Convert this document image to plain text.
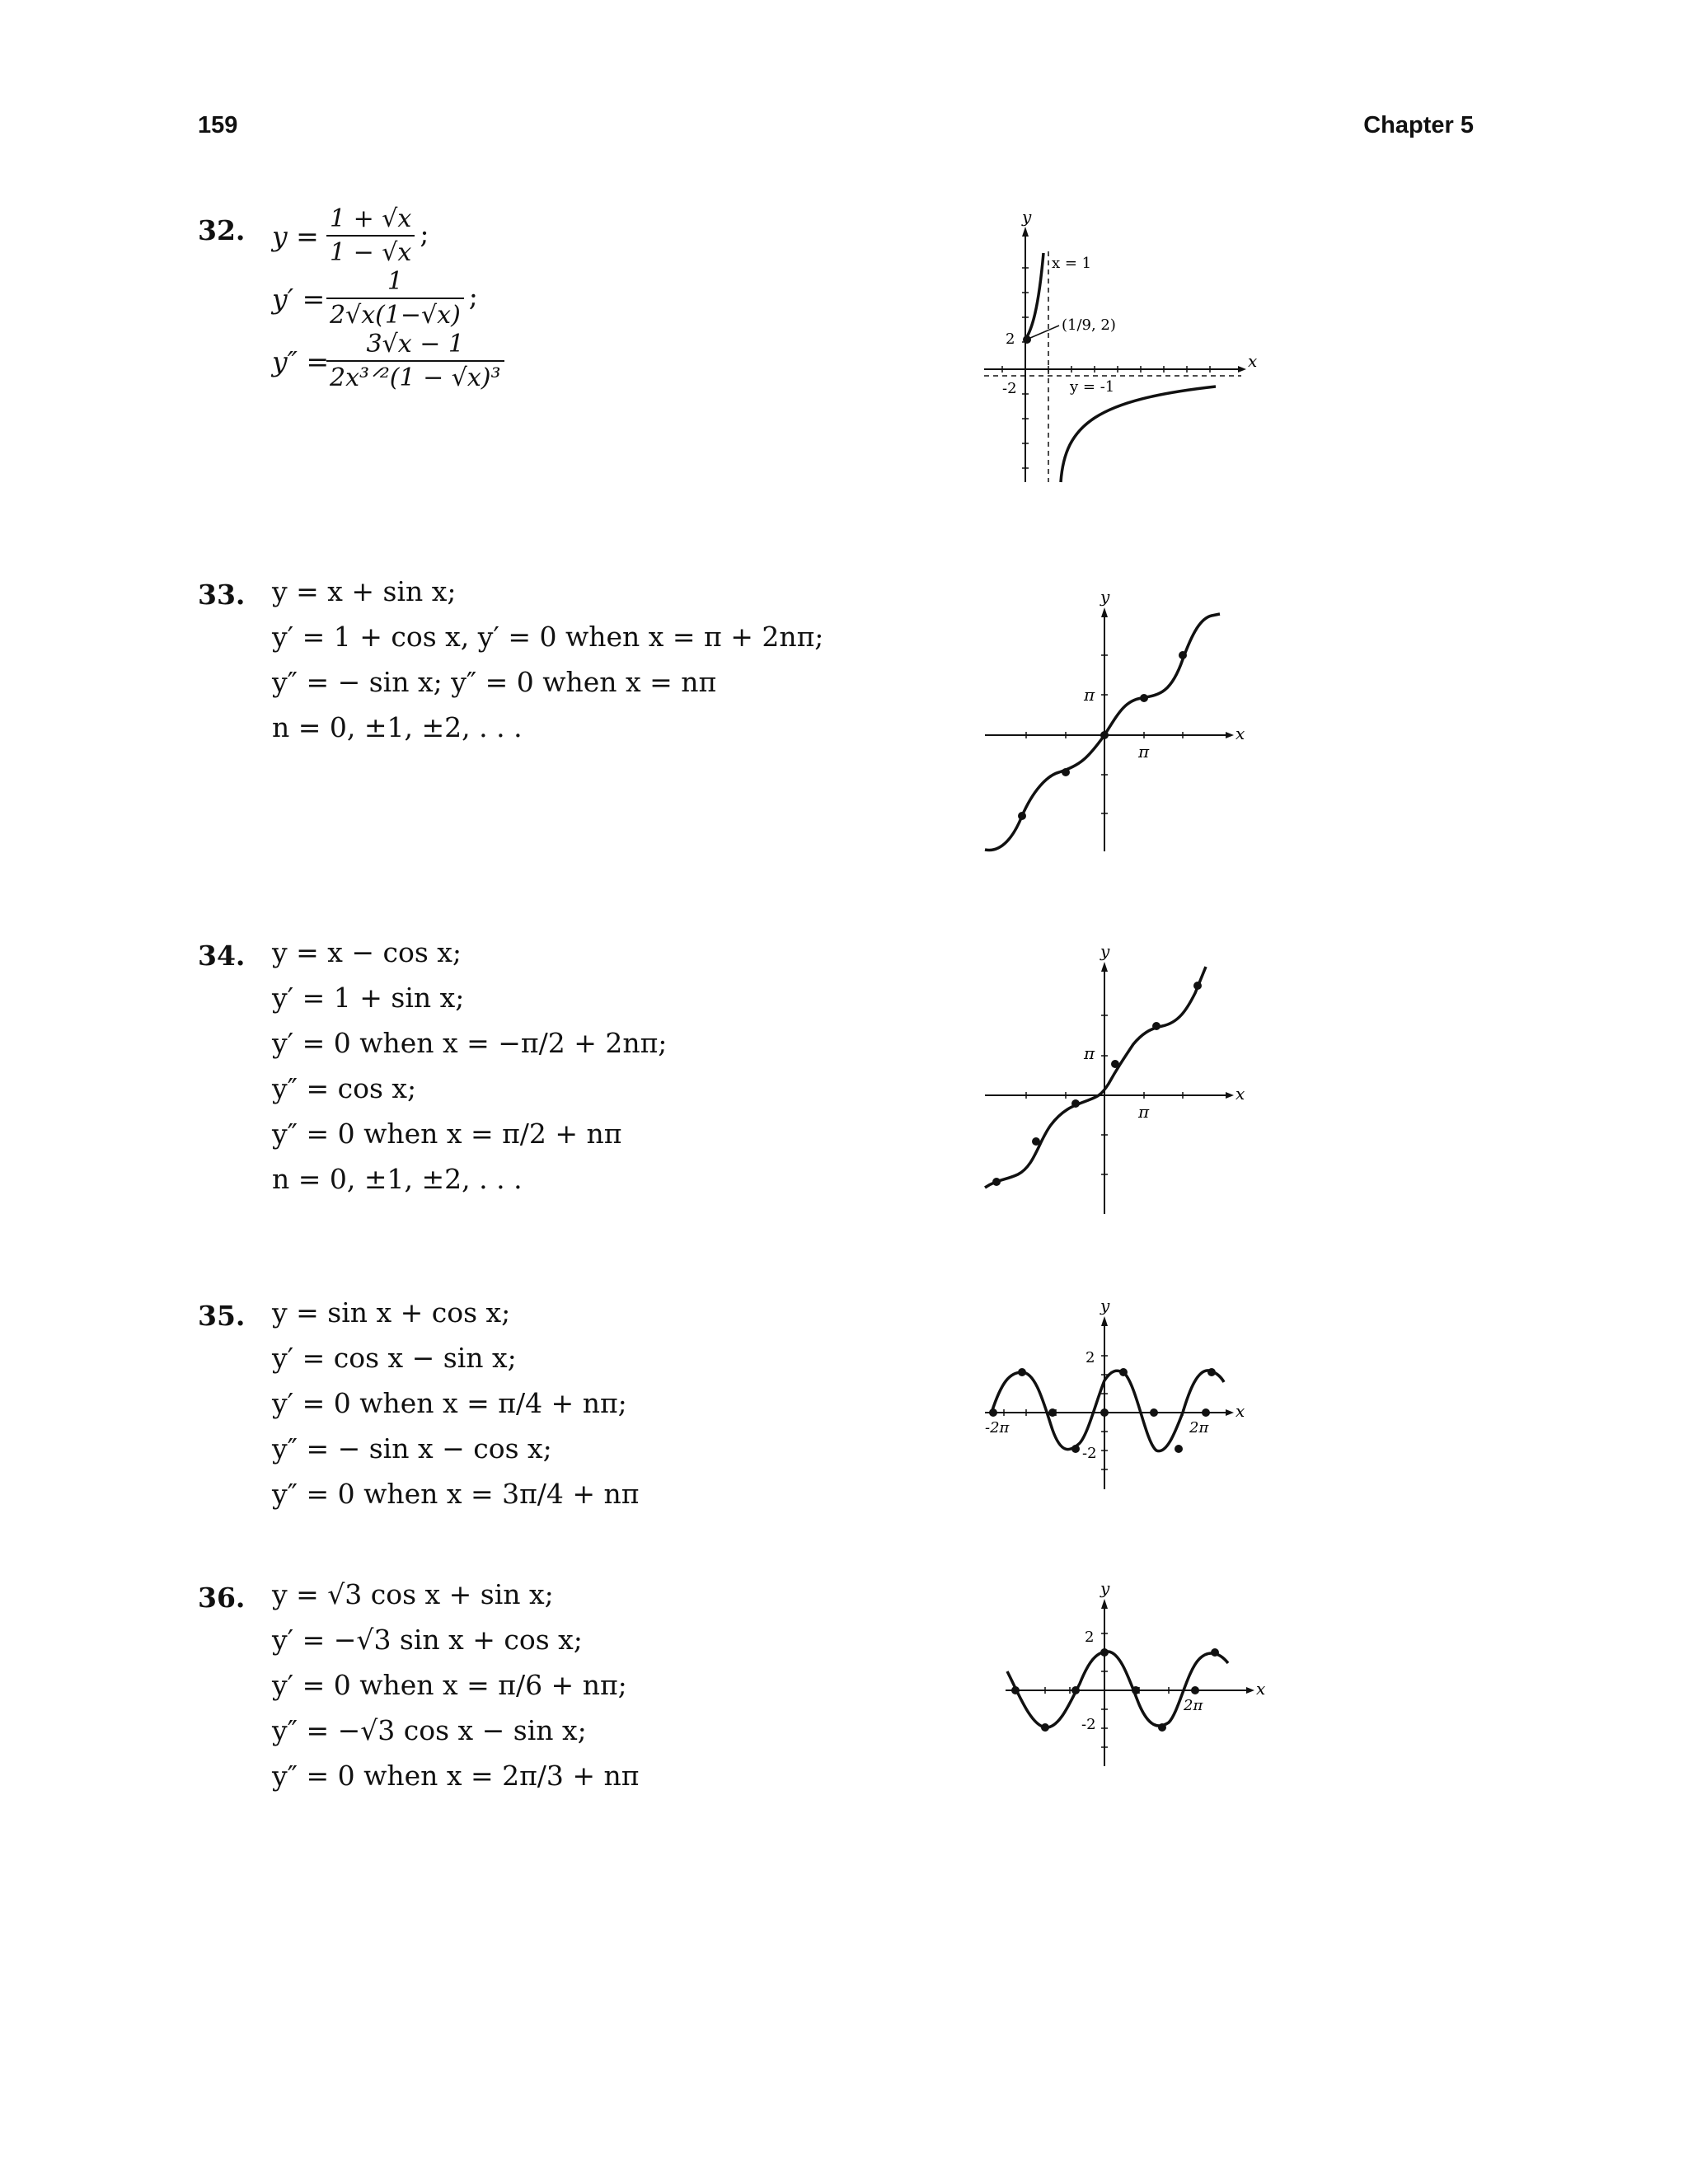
159	Chapter 5
32. $y = \frac{1 + √x}{1 - √x}$ ;
$y' = \frac{1}{2√x(1-√x)}$ ;
y″ =
$\frac{3√x - 1}{\text{2x³ᐟ²(1 − √x)³}}$
x = 1
y = -1
(1/9, 2)
2
-2
x
y
33. y = x + sin x;
y′ = 1 + cos x, y′ = 0 when x = π + 2nπ;
y″ = − sin x; y″ = 0 when x = nπ
n = 0, ±1, ±2, . . .
π
π
x
y
34. y = x − cos x;
y′ = 1 + sin x;
y′ = 0 when x = −π/2 + 2nπ;
y″ = cos x;
y″ = 0 when x = π/2 + nπ
n = 0, ±1, ±2, . . .
π
π
x
y
35. y = sin x + cos x;
y′ = cos x − sin x;
y′ = 0 when x = π/4 + nπ;
y″ = − sin x − cos x;
y″ = 0 when x = 3π/4 + nπ
2
-2
-2π	2π
x
y
36. y = √3 cos x + sin x;
y′ = −√3 sin x + cos x;
y′ = 0 when x = π/6 + nπ;
y″ = −√3 cos x − sin x;
y″ = 0 when x = 2π/3 + nπ
2
-2
2π
x
y
